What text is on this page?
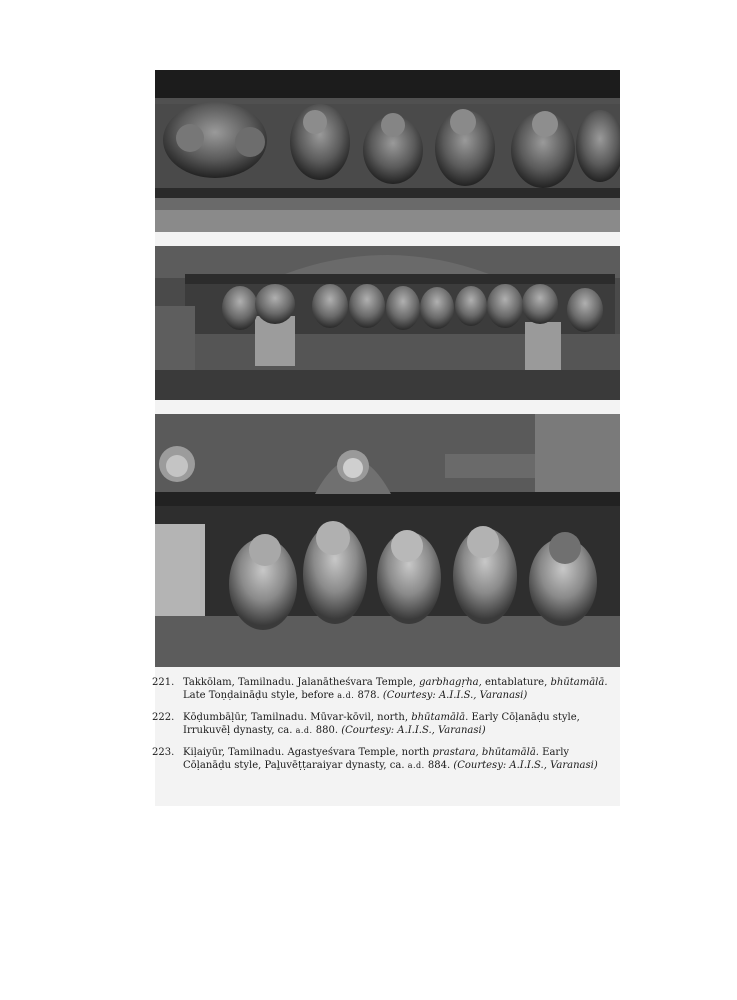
221. Takkōlam, Tamilnadu. Jalanātheśvara Temple, garbhagṛha, entablature, bhūtamālā. Late Toṇḍaināḍu style, before a.d. 878. (Courtesy: A.I.I.S., Varanasi)
222. Kōḍumbāḷūr, Tamilnadu. Mūvar-kōvil, north, bhūtamālā. Early Cōḷanāḍu style, Irrukuvēḷ dynasty, ca. a.d. 880. (Courtesy: A.I.I.S., Varanasi)
223. Kiḷaiyūr, Tamilnadu. Agastyeśvara Temple, north prastara, bhūtamālā. Early Cōḷanāḍu style, Paḻuvēṭṭaraiyar dynasty, ca. a.d. 884. (Courtesy: A.I.I.S., Varanasi)
